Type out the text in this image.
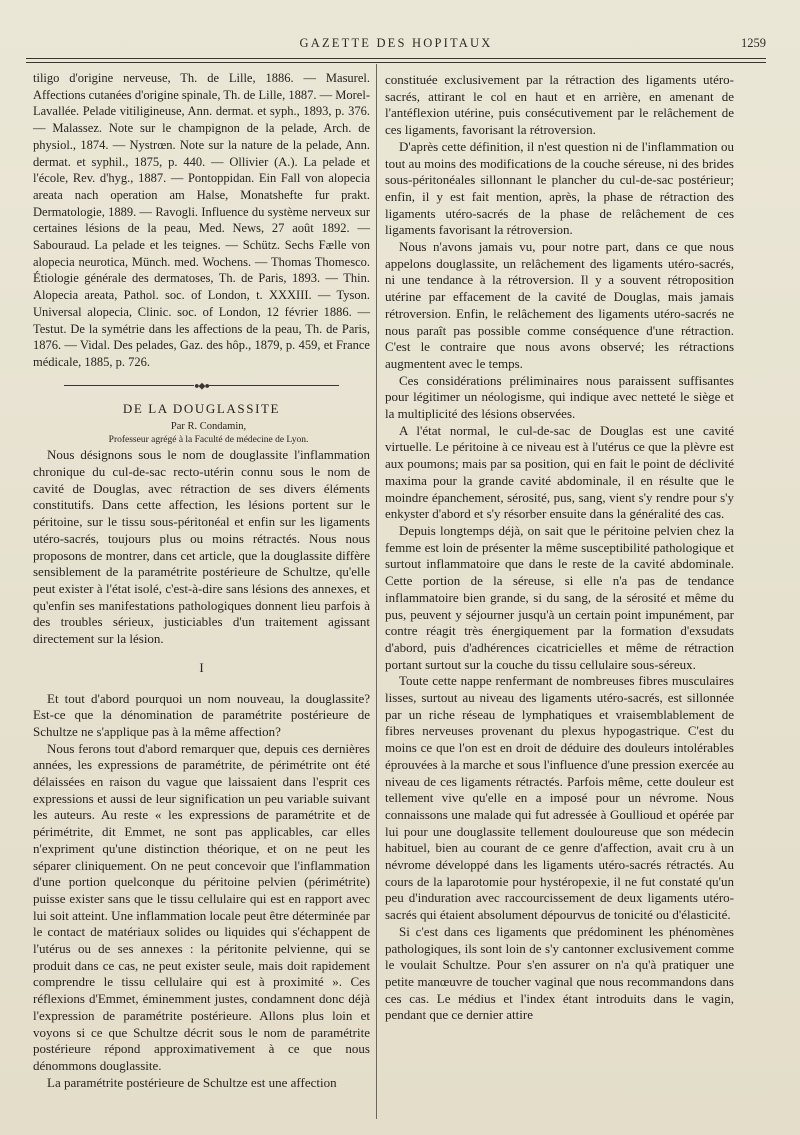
GAZETTE DES HOPITAUX	1259

tiligo d'origine nerveuse, Th. de Lille, 1886. — Masurel. Affections cutanées d'origine spinale, Th. de Lille, 1887. — Morel-Lavallée. Pelade vitiligineuse, Ann. dermat. et syph., 1893, p. 376. — Malassez. Note sur le champignon de la pelade, Arch. de physiol., 1874. — Nystrœn. Note sur la nature de la pelade, Ann. dermat. et syphil., 1875, p. 440. — Ollivier (A.). La pelade et l'école, Rev. d'hyg., 1887. — Pontoppidan. Ein Fall von alopecia areata nach operation am Halse, Monatshefte fur prakt. Dermatologie, 1889. — Ravogli. Influence du système nerveux sur certaines lésions de la peau, Med. News, 27 août 1892. — Sabouraud. La pelade et les teignes. — Schütz. Sechs Fælle von alopecia neurotica, Münch. med. Wochens. — Thomas Thomesco. Étiologie générale des dermatoses, Th. de Paris, 1893. — Thin. Alopecia areata, Pathol. soc. of London, t. XXXIII. — Tyson. Universal alopecia, Clinic. soc. of London, 12 février 1886. — Testut. De la symétrie dans les affections de la peau, Th. de Paris, 1876. — Vidal. Des pelades, Gaz. des hôp., 1879, p. 459, et France médicale, 1885, p. 726.

●◆●
DE LA DOUGLASSITE

Par R. Condamin,

Professeur agrégé à la Faculté de médecine de Lyon.

Nous désignons sous le nom de douglassite l'inflammation chronique du cul-de-sac recto-utérin connu sous le nom de cavité de Douglas, avec rétraction de ses divers éléments constitutifs. Dans cette affection, les lésions portent sur le péritoine, sur le tissu sous-péritonéal et enfin sur les ligaments utéro-sacrés, toujours plus ou moins rétractés. Nous nous proposons de montrer, dans cet article, que la douglassite diffère sensiblement de la paramétrite postérieure de Schultze, qu'elle peut exister à l'état isolé, c'est-à-dire sans lésions des annexes, et qu'enfin ses manifestations pathologiques donnent lieu parfois à des troubles sérieux, justiciables d'un traitement agissant directement sur la lésion.

I

Et tout d'abord pourquoi un nom nouveau, la douglassite? Est-ce que la dénomination de paramétrite postérieure de Schultze ne s'applique pas à la même affection?

Nous ferons tout d'abord remarquer que, depuis ces dernières années, les expressions de paramétrite, de périmétrite ont été délaissées en raison du vague que laissaient dans l'esprit ces expressions et aussi de leur signification un peu variable suivant les auteurs. Au reste « les expressions de paramétrite et de périmétrite, dit Emmet, ne sont pas applicables, car elles n'expriment qu'une distinction théorique, et on ne peut les séparer cliniquement. On ne peut concevoir que l'inflammation d'une portion quelconque du péritoine pelvien (périmétrite) puisse exister sans que le tissu cellulaire qui est en rapport avec lui soit atteint. Une inflammation locale peut être déterminée par le contact de matériaux solides ou liquides qui s'échappent de l'utérus ou de ses annexes : la péritonite pelvienne, qui se produit dans ce cas, ne peut exister seule, mais doit rapidement comprendre le tissu cellulaire qui est à proximité ». Ces réflexions d'Emmet, éminemment justes, condamnent donc déjà l'expression de paramétrite postérieure. Allons plus loin et voyons si ce que Schultze décrit sous le nom de paramétrite postérieure répond approximativement à ce que nous dénommons douglassite.

La paramétrite postérieure de Schultze est une affection

constituée exclusivement par la rétraction des ligaments utéro-sacrés, attirant le col en haut et en arrière, en amenant de l'antéflexion utérine, puis consécutivement par le relâchement de ces ligaments, favorisant la rétroversion.

D'après cette définition, il n'est question ni de l'inflammation ou tout au moins des modifications de la couche séreuse, ni des brides sous-péritonéales sillonnant le plancher du cul-de-sac postérieur; enfin, il y est fait mention, après, la phase de rétraction des ligaments utéro-sacrés de la phase de relâchement de ces ligaments favorisant la rétroversion.

Nous n'avons jamais vu, pour notre part, dans ce que nous appelons douglassite, un relâchement des ligaments utéro-sacrés, ni une tendance à la rétroversion. Il y a souvent rétroposition utérine par effacement de la cavité de Douglas, mais jamais rétroversion. Enfin, le relâchement des ligaments utéro-sacrés ne nous paraît pas possible comme conséquence d'une rétraction. C'est le contraire que nous avons observé; les rétractions augmentent avec le temps.

Ces considérations préliminaires nous paraissent suffisantes pour légitimer un néologisme, qui indique avec netteté le siège et la multiplicité des lésions observées.

A l'état normal, le cul-de-sac de Douglas est une cavité virtuelle. Le péritoine à ce niveau est à l'utérus ce que la plèvre est aux poumons; mais par sa position, qui en fait le point de déclivité maxima pour la grande cavité abdominale, il en résulte que le moindre épanchement, sérosité, pus, sang, vient s'y rendre pour s'y enkyster d'abord et s'y résorber ensuite dans la généralité des cas.

Depuis longtemps déjà, on sait que le péritoine pelvien chez la femme est loin de présenter la même susceptibilité pathologique et surtout inflammatoire que dans le reste de la cavité abdominale. Cette portion de la séreuse, si elle n'a pas de tendance inflammatoire bien grande, si du sang, de la sérosité et même du pus, peuvent y séjourner jusqu'à un certain point impunément, par contre réagit très énergiquement par la formation d'exsudats d'abord, puis d'adhérences cicatricielles et même de rétraction portant surtout sur la couche du tissu cellulaire sous-séreux.

Toute cette nappe renfermant de nombreuses fibres musculaires lisses, surtout au niveau des ligaments utéro-sacrés, est sillonnée par un riche réseau de lymphatiques et vraisemblablement de fibres nerveuses provenant du plexus hypogastrique. C'est du moins ce que l'on est en droit de déduire des douleurs intolérables éprouvées à la marche et sous l'influence d'une pression exercée au niveau de ces ligaments rétractés. Parfois même, cette douleur est tellement vive qu'elle en a imposé pour un névrome. Nous connaissons une malade qui fut adressée à Goullioud et opérée par lui pour une douglassite tellement douloureuse que son médecin habituel, bien au courant de ce genre d'affection, avait cru à un névrome développé dans les ligaments utéro-sacrés rétractés. Au cours de la laparotomie pour hystéropexie, il ne fut constaté qu'un peu d'induration avec raccourcissement de deux ligaments utéro-sacrés qui étaient absolument dépourvus de tonicité ou d'élasticité.

Si c'est dans ces ligaments que prédominent les phénomènes pathologiques, ils sont loin de s'y cantonner exclusivement comme le voulait Schultze. Pour s'en assurer on n'a qu'à pratiquer une petite manœuvre de toucher vaginal que nous recommandons dans ces cas. Le médius et l'index étant introduits dans le vagin, pendant que ce dernier attire
